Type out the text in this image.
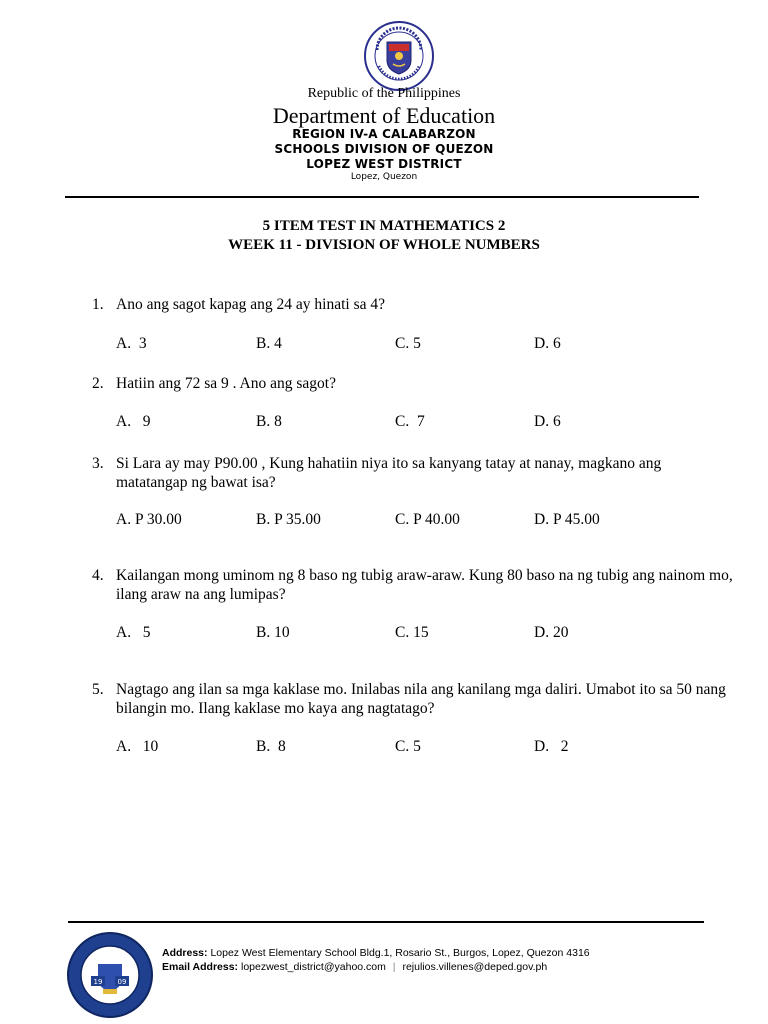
Republic of the Philippines
Department of Education
REGION IV-A CALABARZON
SCHOOLS DIVISION OF QUEZON
LOPEZ WEST DISTRICT
Lopez, Quezon
5 ITEM TEST IN MATHEMATICS 2
WEEK 11 - DIVISION OF WHOLE NUMBERS
1. Ano ang sagot kapag ang 24 ay hinati sa 4?
A.  3	B. 4	C. 5	D. 6
2. Hatiin ang 72 sa 9 . Ano ang sagot?
A.   9	B. 8	C.  7	D. 6
3. Si Lara ay may P90.00 , Kung hahatiin niya ito sa kanyang tatay at nanay, magkano ang matatangap ng bawat isa?
A. P 30.00	B. P 35.00	C. P 40.00	D. P 45.00
4. Kailangan mong uminom ng 8 baso ng tubig araw-araw. Kung 80 baso na ng tubig ang nainom mo, ilang araw na ang lumipas?
A.   5	B. 10	C. 15	D. 20
5. Nagtago ang ilan sa mga kaklase mo. Inilabas nila ang kanilang mga daliri. Umabot ito sa 50 nang bilangin mo. Ilang kaklase mo kaya ang nagtatago?
A.   10	B.  8	C. 5	D.   2
19 09
Address: Lopez West Elementary School Bldg.1, Rosario St., Burgos, Lopez, Quezon 4316
Email Address: lopezwest_district@yahoo.com | rejulios.villenes@deped.gov.ph
